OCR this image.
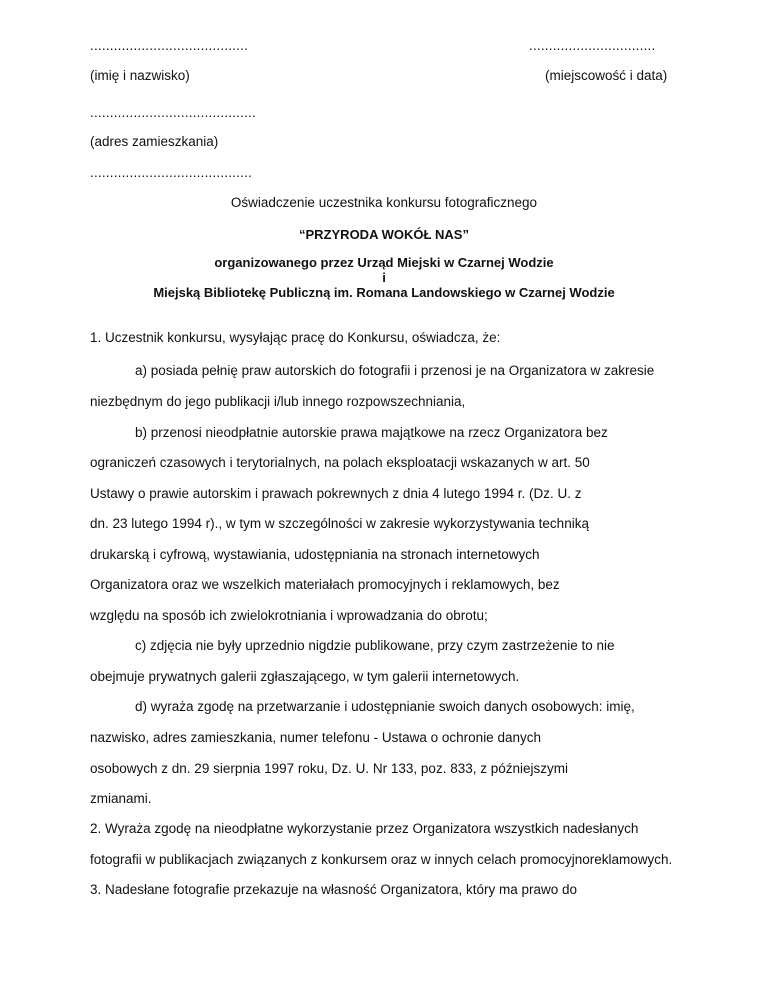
........................................	................................
(imię i nazwisko)	(miejscowość i data)
..........................................
(adres zamieszkania)
.........................................
Oświadczenie uczestnika konkursu fotograficznego
“PRZYRODA WOKÓŁ NAS”
organizowanego przez Urząd Miejski w Czarnej Wodzie
i
Miejską Bibliotekę Publiczną im. Romana Landowskiego w Czarnej Wodzie
1. Uczestnik konkursu, wysyłając pracę do Konkursu, oświadcza, że:
a) posiada pełnię praw autorskich do fotografii i przenosi je na Organizatora w zakresie
niezbędnym do jego publikacji i/lub innego rozpowszechniania,
b) przenosi nieodpłatnie autorskie prawa majątkowe na rzecz Organizatora bez
ograniczeń czasowych i terytorialnych, na polach eksploatacji wskazanych w art. 50
Ustawy o prawie autorskim i prawach pokrewnych z dnia 4 lutego 1994 r. (Dz. U. z
dn. 23 lutego 1994 r)., w tym w szczególności w zakresie wykorzystywania techniką
drukarską i cyfrową, wystawiania, udostępniania na stronach internetowych
Organizatora oraz we wszelkich materiałach promocyjnych i reklamowych, bez
względu na sposób ich zwielokrotniania i wprowadzania do obrotu;
c) zdjęcia nie były uprzednio nigdzie publikowane, przy czym zastrzeżenie to nie
obejmuje prywatnych galerii zgłaszającego, w tym galerii internetowych.
d) wyraża zgodę na przetwarzanie i udostępnianie swoich danych osobowych: imię,
nazwisko, adres zamieszkania, numer telefonu - Ustawa o ochronie danych
osobowych z dn. 29 sierpnia 1997 roku, Dz. U. Nr 133, poz. 833, z późniejszymi
zmianami.
2. Wyraża zgodę na nieodpłatne wykorzystanie przez Organizatora wszystkich nadesłanych
fotografii w publikacjach związanych z konkursem oraz w innych celach promocyjnoreklamowych.
3. Nadesłane fotografie przekazuje na własność Organizatora, który ma prawo do
